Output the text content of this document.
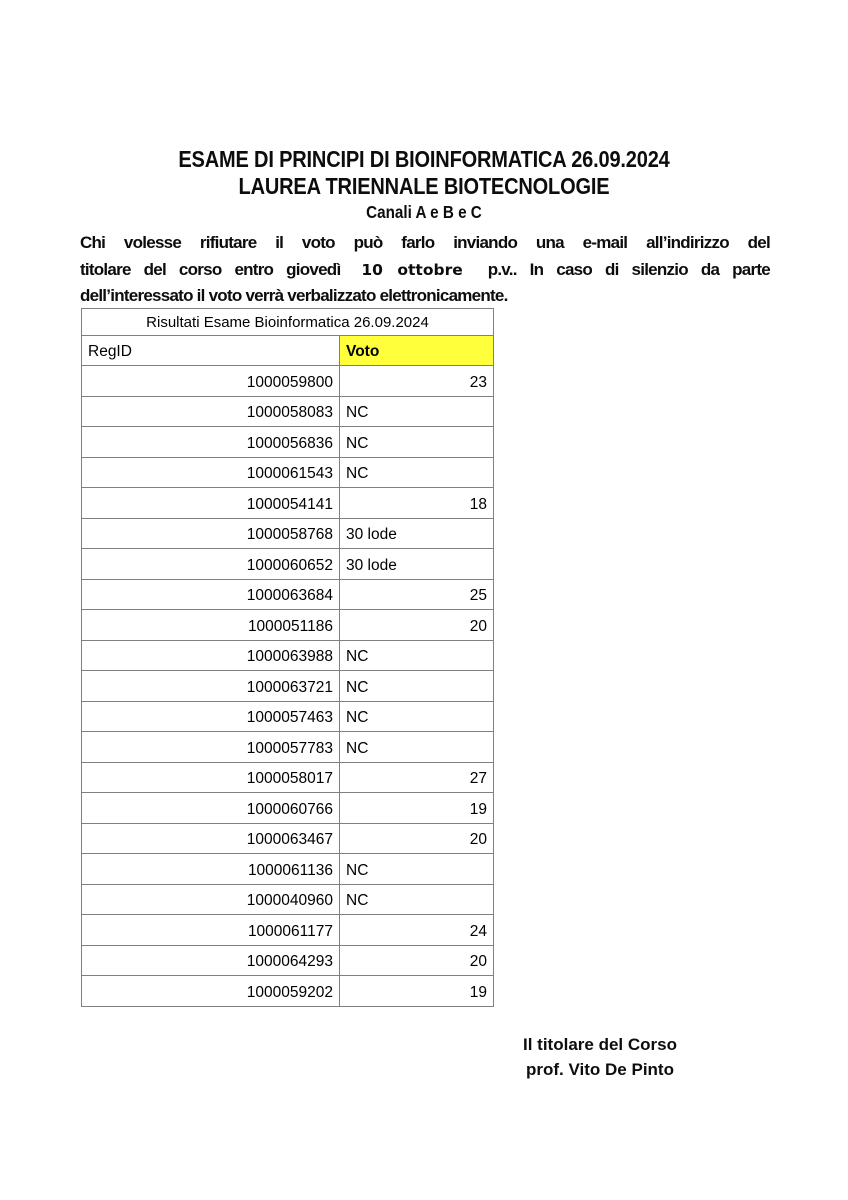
ESAME DI PRINCIPI DI BIOINFORMATICA 26.09.2024
LAUREA TRIENNALE BIOTECNOLOGIE
Canali A e B e C
Chi volesse rifiutare il voto può farlo inviando una e-mail all’indirizzo del
titolare del corso entro giovedì 10 ottobre p.v.. In caso di silenzio da parte
dell’interessato il voto verrà verbalizzato elettronicamente.
Risultati Esame Bioinformatica 26.09.2024	
RegID	Voto
1000059800	23
1000058083	NC
1000056836	NC
1000061543	NC
1000054141	18
1000058768	30 lode
1000060652	30 lode
1000063684	25
1000051186	20
1000063988	NC
1000063721	NC
1000057463	NC
1000057783	NC
1000058017	27
1000060766	19
1000063467	20
1000061136	NC
1000040960	NC
1000061177	24
1000064293	20
1000059202	19
Il titolare del Corso
prof. Vito De Pinto
